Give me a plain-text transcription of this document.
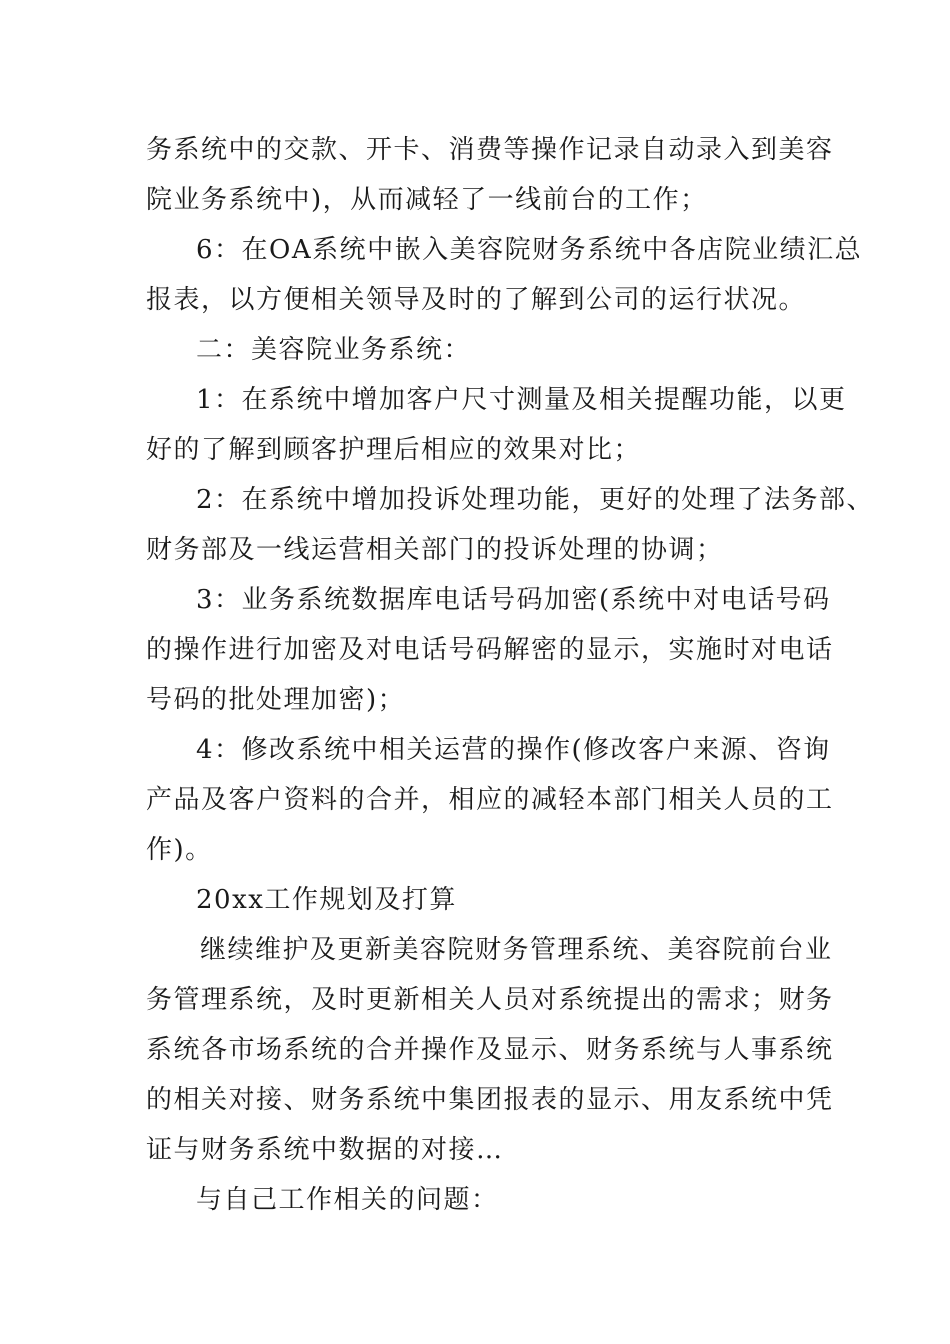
务系统中的交款、开卡、消费等操作记录自动录入到美容
院业务系统中)，从而减轻了一线前台的工作；
6：在OA系统中嵌入美容院财务系统中各店院业绩汇总
报表，以方便相关领导及时的了解到公司的运行状况。
二：美容院业务系统：
1：在系统中增加客户尺寸测量及相关提醒功能，以更
好的了解到顾客护理后相应的效果对比；
2：在系统中增加投诉处理功能，更好的处理了法务部、
财务部及一线运营相关部门的投诉处理的协调；
3：业务系统数据库电话号码加密(系统中对电话号码
的操作进行加密及对电话号码解密的显示，实施时对电话
号码的批处理加密)；
4：修改系统中相关运营的操作(修改客户来源、咨询
产品及客户资料的合并，相应的减轻本部门相关人员的工
作)。
20xx工作规划及打算
继续维护及更新美容院财务管理系统、美容院前台业
务管理系统，及时更新相关人员对系统提出的需求；财务
系统各市场系统的合并操作及显示、财务系统与人事系统
的相关对接、财务系统中集团报表的显示、用友系统中凭
证与财务系统中数据的对接…
与自己工作相关的问题：
